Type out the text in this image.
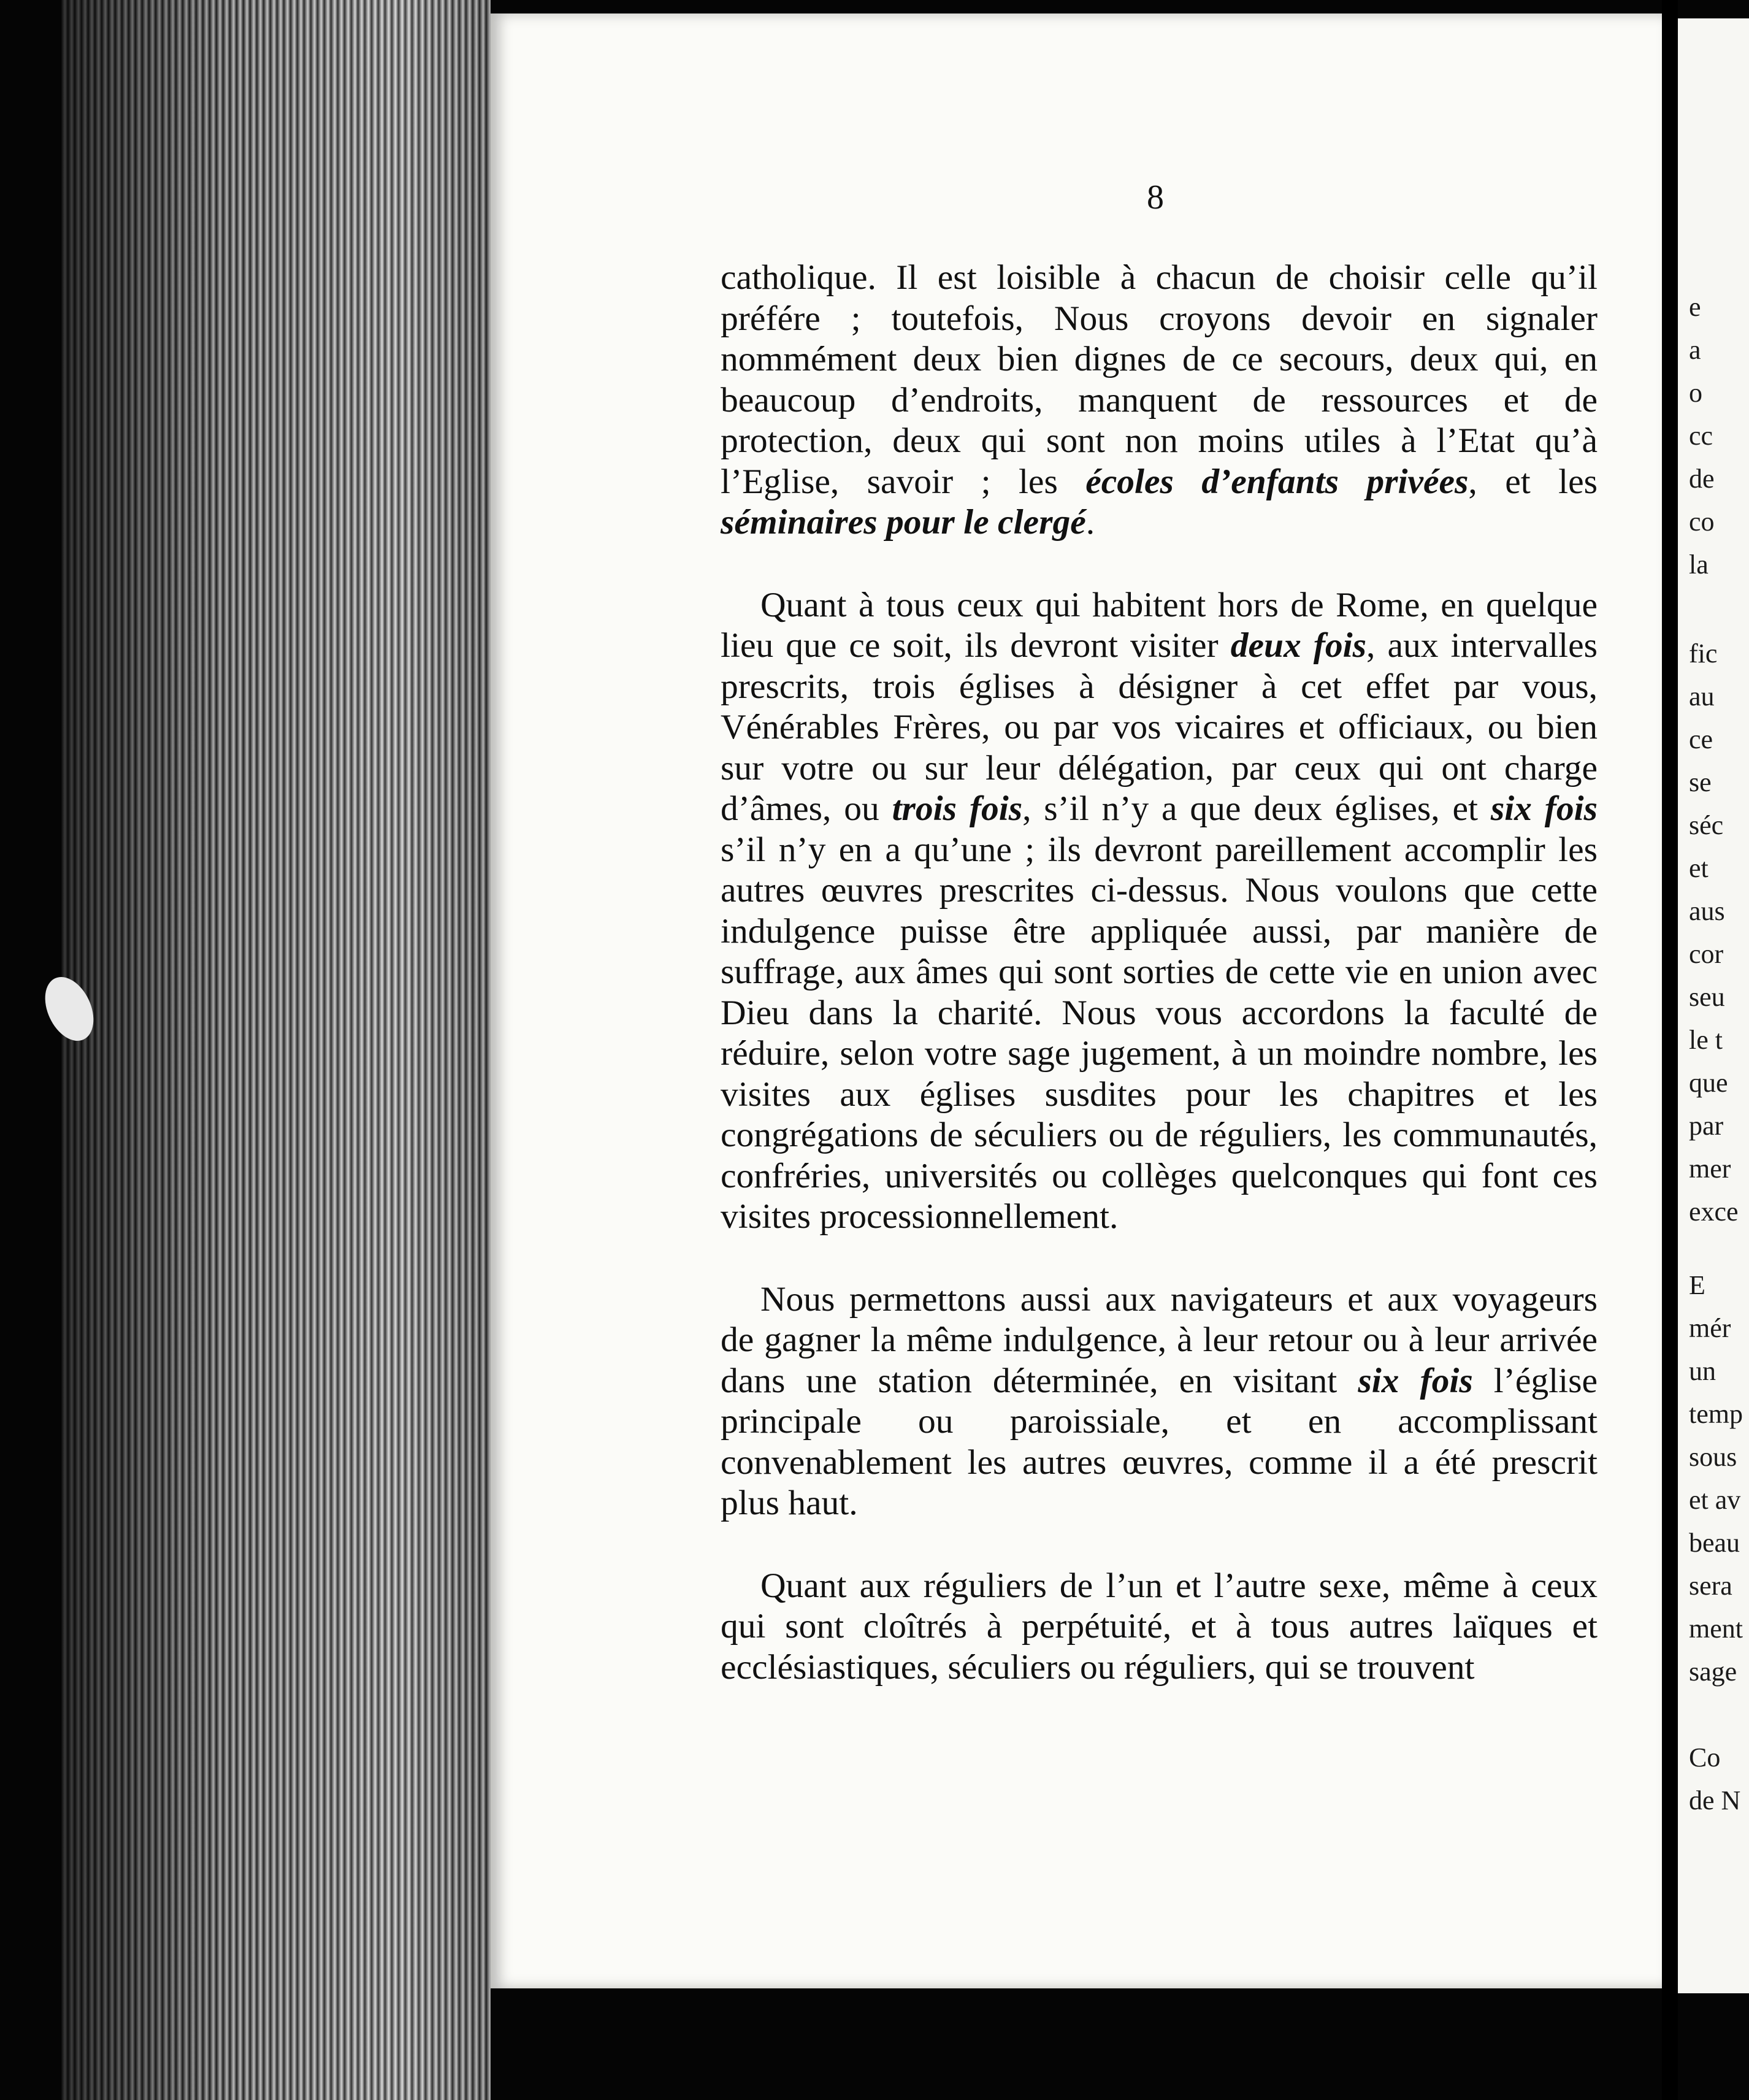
8

catholique. Il est loisible à chacun de choisir celle qu’il préfére ; toutefois, Nous croyons devoir en signaler nommément deux bien dignes de ce secours, deux qui, en beaucoup d’endroits, manquent de ressources et de protection, deux qui sont non moins utiles à l’Etat qu’à l’Eglise, savoir ; les écoles d’enfants privées, et les séminaires pour le clergé.

Quant à tous ceux qui habitent hors de Rome, en quelque lieu que ce soit, ils devront visiter deux fois, aux intervalles prescrits, trois églises à désigner à cet effet par vous, Vénérables Frères, ou par vos vicaires et officiaux, ou bien sur votre ou sur leur délégation, par ceux qui ont charge d’âmes, ou trois fois, s’il n’y a que deux églises, et six fois s’il n’y en a qu’une ; ils devront pareillement accomplir les autres œuvres prescrites ci-dessus. Nous voulons que cette indulgence puisse être appliquée aussi, par manière de suffrage, aux âmes qui sont sorties de cette vie en union avec Dieu dans la charité. Nous vous accordons la faculté de réduire, selon votre sage jugement, à un moindre nombre, les visites aux églises susdites pour les chapitres et les congrégations de séculiers ou de réguliers, les communautés, confréries, universités ou collèges quelconques qui font ces visites processionnellement.

Nous permettons aussi aux navigateurs et aux voyageurs de gagner la même indulgence, à leur retour ou à leur arrivée dans une station déterminée, en visitant six fois l’église principale ou paroissiale, et en accomplissant convenablement les autres œuvres, comme il a été prescrit plus haut.

Quant aux réguliers de l’un et l’autre sexe, même à ceux qui sont cloîtrés à perpétuité, et à tous autres laïques et ecclésiastiques, séculiers ou réguliers, qui se trouvent

e
a
o
cc
de
co
la
fic
au
ce
se
séc
et
aus
cor
seu
le t
que
par
mer
exce
E
mér
un
temp
sous
et av
beau
sera
ment
sage
Co
de N
